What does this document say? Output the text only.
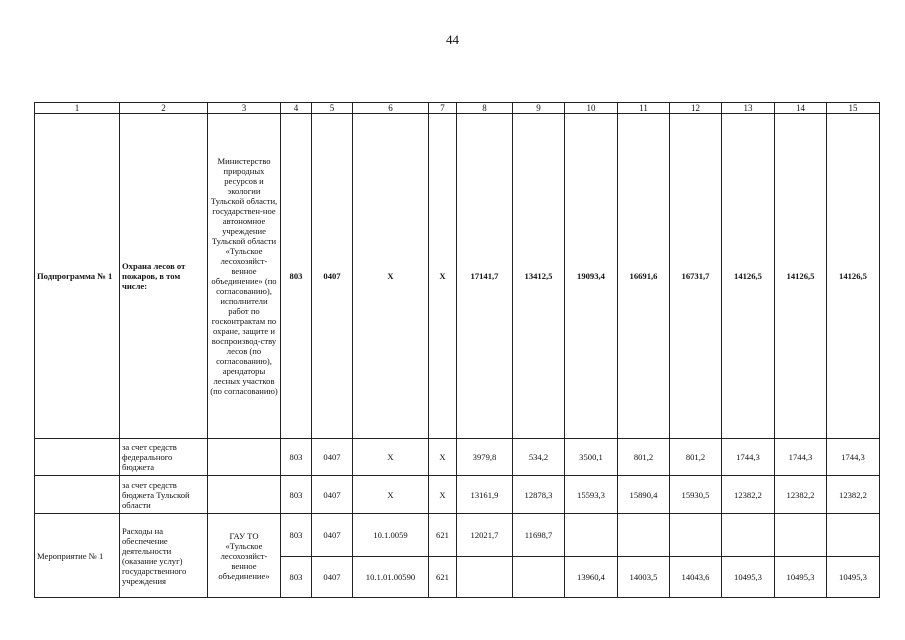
44
1	2	3	4	5	6	7	8	9	10	11	12	13	14	15
Подпрограмма № 1	Охрана лесов от пожаров, в том числе:	Министерство природных ресурсов и экологии Тульской области, государствен-ное автономное учреждение Тульской области «Тульское лесохозяйст-венное объединение» (по согласованию), исполнители работ по госконтрактам по охране, защите и воспроизвод-ству лесов (по согласованию), арендаторы лесных участков (по согласованию)	803	0407	Х	Х	17141,7	13412,5	19093,4	16691,6	16731,7	14126,5	14126,5	14126,5
	за счет средств федерального бюджета		803	0407	Х	Х	3979,8	534,2	3500,1	801,2	801,2	1744,3	1744,3	1744,3
	за счет средств бюджета Тульской области		803	0407	Х	Х	13161,9	12878,3	15593,3	15890,4	15930,5	12382,2	12382,2	12382,2
Мероприятие № 1	Расходы на обеспечение деятельности (оказание услуг) государственного учреждения	ГАУ ТО «Тульское лесохозяйст-венное объединение»	803	0407	10.1.0059	621	12021,7	11698,7						
			803	0407	10.1.01.00590	621			13960,4	14003,5	14043,6	10495,3	10495,3	10495,3
